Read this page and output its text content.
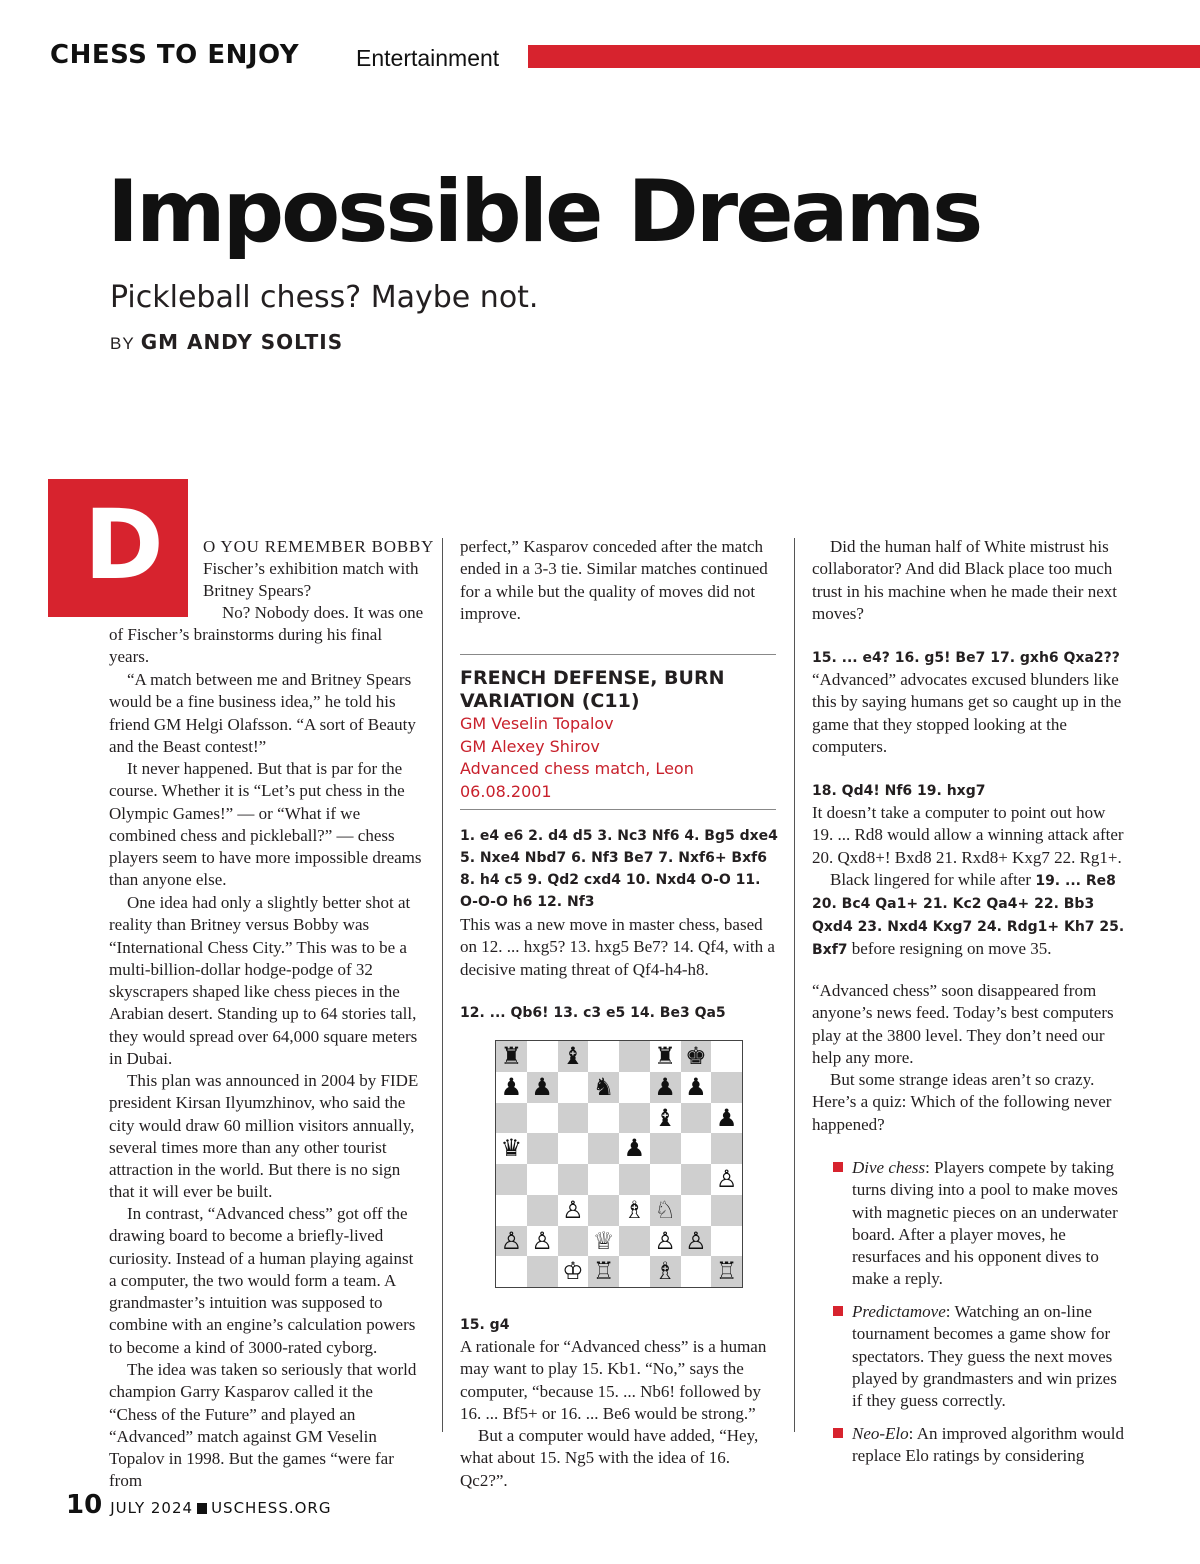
CHESS TO ENJOY Entertainment
Impossible Dreams
Pickleball chess? Maybe not.
BY GM ANDY SOLTIS
D O YOU REMEMBER BOBBY
Fischer’s exhibition match with
Britney Spears?
No? Nobody does. It was one
of Fischer’s brainstorms during his final years.
“A match between me and Britney Spears would be a fine business idea,” he told his friend GM Helgi Olafsson. “A sort of Beauty and the Beast contest!”
It never happened. But that is par for the course. Whether it is “Let’s put chess in the Olympic Games!” — or “What if we combined chess and pickleball?” — chess players seem to have more impossible dreams than anyone else.
One idea had only a slightly better shot at reality than Britney versus Bobby was “International Chess City.” This was to be a multi-billion-dollar hodge-podge of 32 skyscrapers shaped like chess pieces in the Arabian desert. Standing up to 64 stories tall, they would spread over 64,000 square meters in Dubai.
This plan was announced in 2004 by FIDE president Kirsan Ilyumzhinov, who said the city would draw 60 million visitors annually, several times more than any other tourist attraction in the world. But there is no sign that it will ever be built.
In contrast, “Advanced chess” got off the drawing board to become a briefly-lived curiosity. Instead of a human playing against a computer, the two would form a team. A grandmaster’s intuition was supposed to combine with an engine’s calculation powers to become a kind of 3000-rated cyborg.
The idea was taken so seriously that world champion Garry Kasparov called it the “Chess of the Future” and played an “Advanced” match against GM Veselin Topalov in 1998. But the games “were far from
perfect,” Kasparov conceded after the match ended in a 3-3 tie. Similar matches continued for a while but the quality of moves did not improve.
FRENCH DEFENSE, BURN VARIATION (C11)
GM Veselin Topalov
GM Alexey Shirov
Advanced chess match, Leon
06.08.2001
1. e4 e6 2. d4 d5 3. Nc3 Nf6 4. Bg5 dxe4 5. Nxe4 Nbd7 6. Nf3 Be7 7. Nxf6+ Bxf6 8. h4 c5 9. Qd2 cxd4 10. Nxd4 O-O 11. O-O-O h6 12. Nf3
This was a new move in master chess, based on 12. ... hxg5? 13. hxg5 Be7? 14. Qf4, with a decisive mating threat of Qf4-h4-h8.
12. ... Qb6! 13. c3 e5 14. Be3 Qa5
♜ ♝	♜ ♚
♟ ♟ ♞ ♟ ♟
♝ ♟
♛	♟
♙
♙ ♗ ♘
♙ ♙ ♕ ♙ ♙
♔ ♖ ♗ ♖
15. g4
A rationale for “Advanced chess” is a human may want to play 15. Kb1. “No,” says the computer, “because 15. ... Nb6! followed by 16. ... Bf5+ or 16. ... Be6 would be strong.”
But a computer would have added, “Hey, what about 15. Ng5 with the idea of 16. Qc2?”.
Did the human half of White mistrust his collaborator? And did Black place too much trust in his machine when he made their next moves?
15. ... e4? 16. g5! Be7 17. gxh6 Qxa2??
“Advanced” advocates excused blunders like this by saying humans get so caught up in the game that they stopped looking at the computers.
18. Qd4! Nf6 19. hxg7
It doesn’t take a computer to point out how 19. ... Rd8 would allow a winning attack after 20. Qxd8+! Bxd8 21. Rxd8+ Kxg7 22. Rg1+.
Black lingered for while after 19. ... Re8 20. Bc4 Qa1+ 21. Kc2 Qa4+ 22. Bb3 Qxd4 23. Nxd4 Kxg7 24. Rdg1+ Kh7 25. Bxf7 before resigning on move 35.
“Advanced chess” soon disappeared from anyone’s news feed. Today’s best computers play at the 3800 level. They don’t need our help any more.
But some strange ideas aren’t so crazy. Here’s a quiz: Which of the following never happened?
Dive chess: Players compete by taking turns diving into a pool to make moves with magnetic pieces on an underwater board. After a player moves, he resurfaces and his opponent dives to make a reply.
Predictamove: Watching an on-line tournament becomes a game show for spectators. They guess the next moves played by grandmasters and win prizes if they guess correctly.
Neo-Elo: An improved algorithm would replace Elo ratings by considering
10 JULY 2024 USCHESS.ORG
